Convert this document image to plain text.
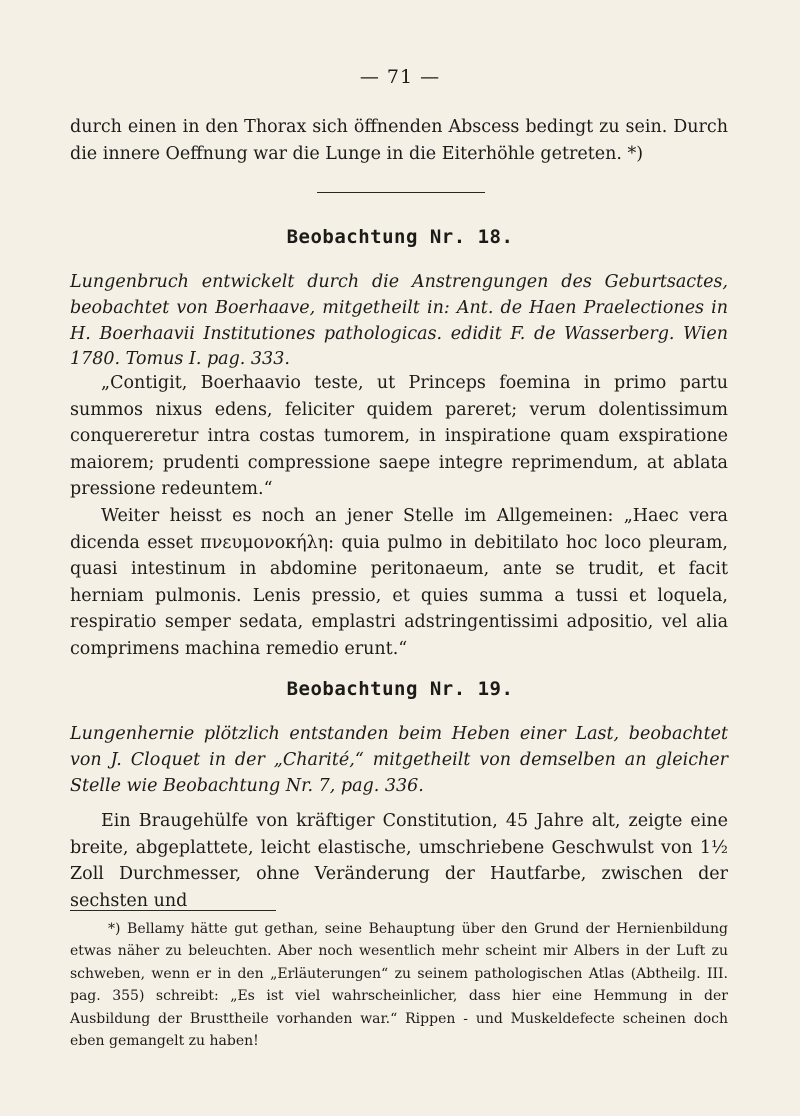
— 71 —

durch einen in den Thorax sich öffnenden Abscess bedingt zu sein. Durch die innere Oeffnung war die Lunge in die Eiterhöhle getreten. *)

Beobachtung Nr. 18.
Lungenbruch entwickelt durch die Anstrengungen des Geburtsactes, beobachtet von Boerhaave, mitgetheilt in: Ant. de Haen Praelectiones in H. Boerhaavii Institutiones pathologicas. edidit F. de Wasserberg. Wien 1780. Tomus I. pag. 333.

„Contigit, Boerhaavio teste, ut Princeps foemina in primo partu summos nixus edens, feliciter quidem pareret; verum dolentissimum conquereretur intra costas tumorem, in inspiratione quam exspiratione maiorem; prudenti compressione saepe integre reprimendum, at ablata pressione redeuntem.“

Weiter heisst es noch an jener Stelle im Allgemeinen: „Haec vera dicenda esset πνευμονοκήλη: quia pulmo in debitilato hoc loco pleuram, quasi intestinum in abdomine peritonaeum, ante se trudit, et facit herniam pulmonis. Lenis pressio, et quies summa a tussi et loquela, respiratio semper sedata, emplastri adstringentissimi adpositio, vel alia comprimens machina remedio erunt.“

Beobachtung Nr. 19.
Lungenhernie plötzlich entstanden beim Heben einer Last, beobachtet von J. Cloquet in der „Charité,“ mitgetheilt von demselben an gleicher Stelle wie Beobachtung Nr. 7, pag. 336.

Ein Braugehülfe von kräftiger Constitution, 45 Jahre alt, zeigte eine breite, abgeplattete, leicht elastische, umschriebene Geschwulst von 1½ Zoll Durchmesser, ohne Veränderung der Hautfarbe, zwischen der sechsten und

*) Bellamy hätte gut gethan, seine Behauptung über den Grund der Hernienbildung etwas näher zu beleuchten. Aber noch wesentlich mehr scheint mir Albers in der Luft zu schweben, wenn er in den „Erläuterungen“ zu seinem pathologischen Atlas (Abtheilg. III. pag. 355) schreibt: „Es ist viel wahrscheinlicher, dass hier eine Hemmung in der Ausbildung der Brusttheile vorhanden war.“ Rippen - und Muskeldefecte scheinen doch eben gemangelt zu haben!
